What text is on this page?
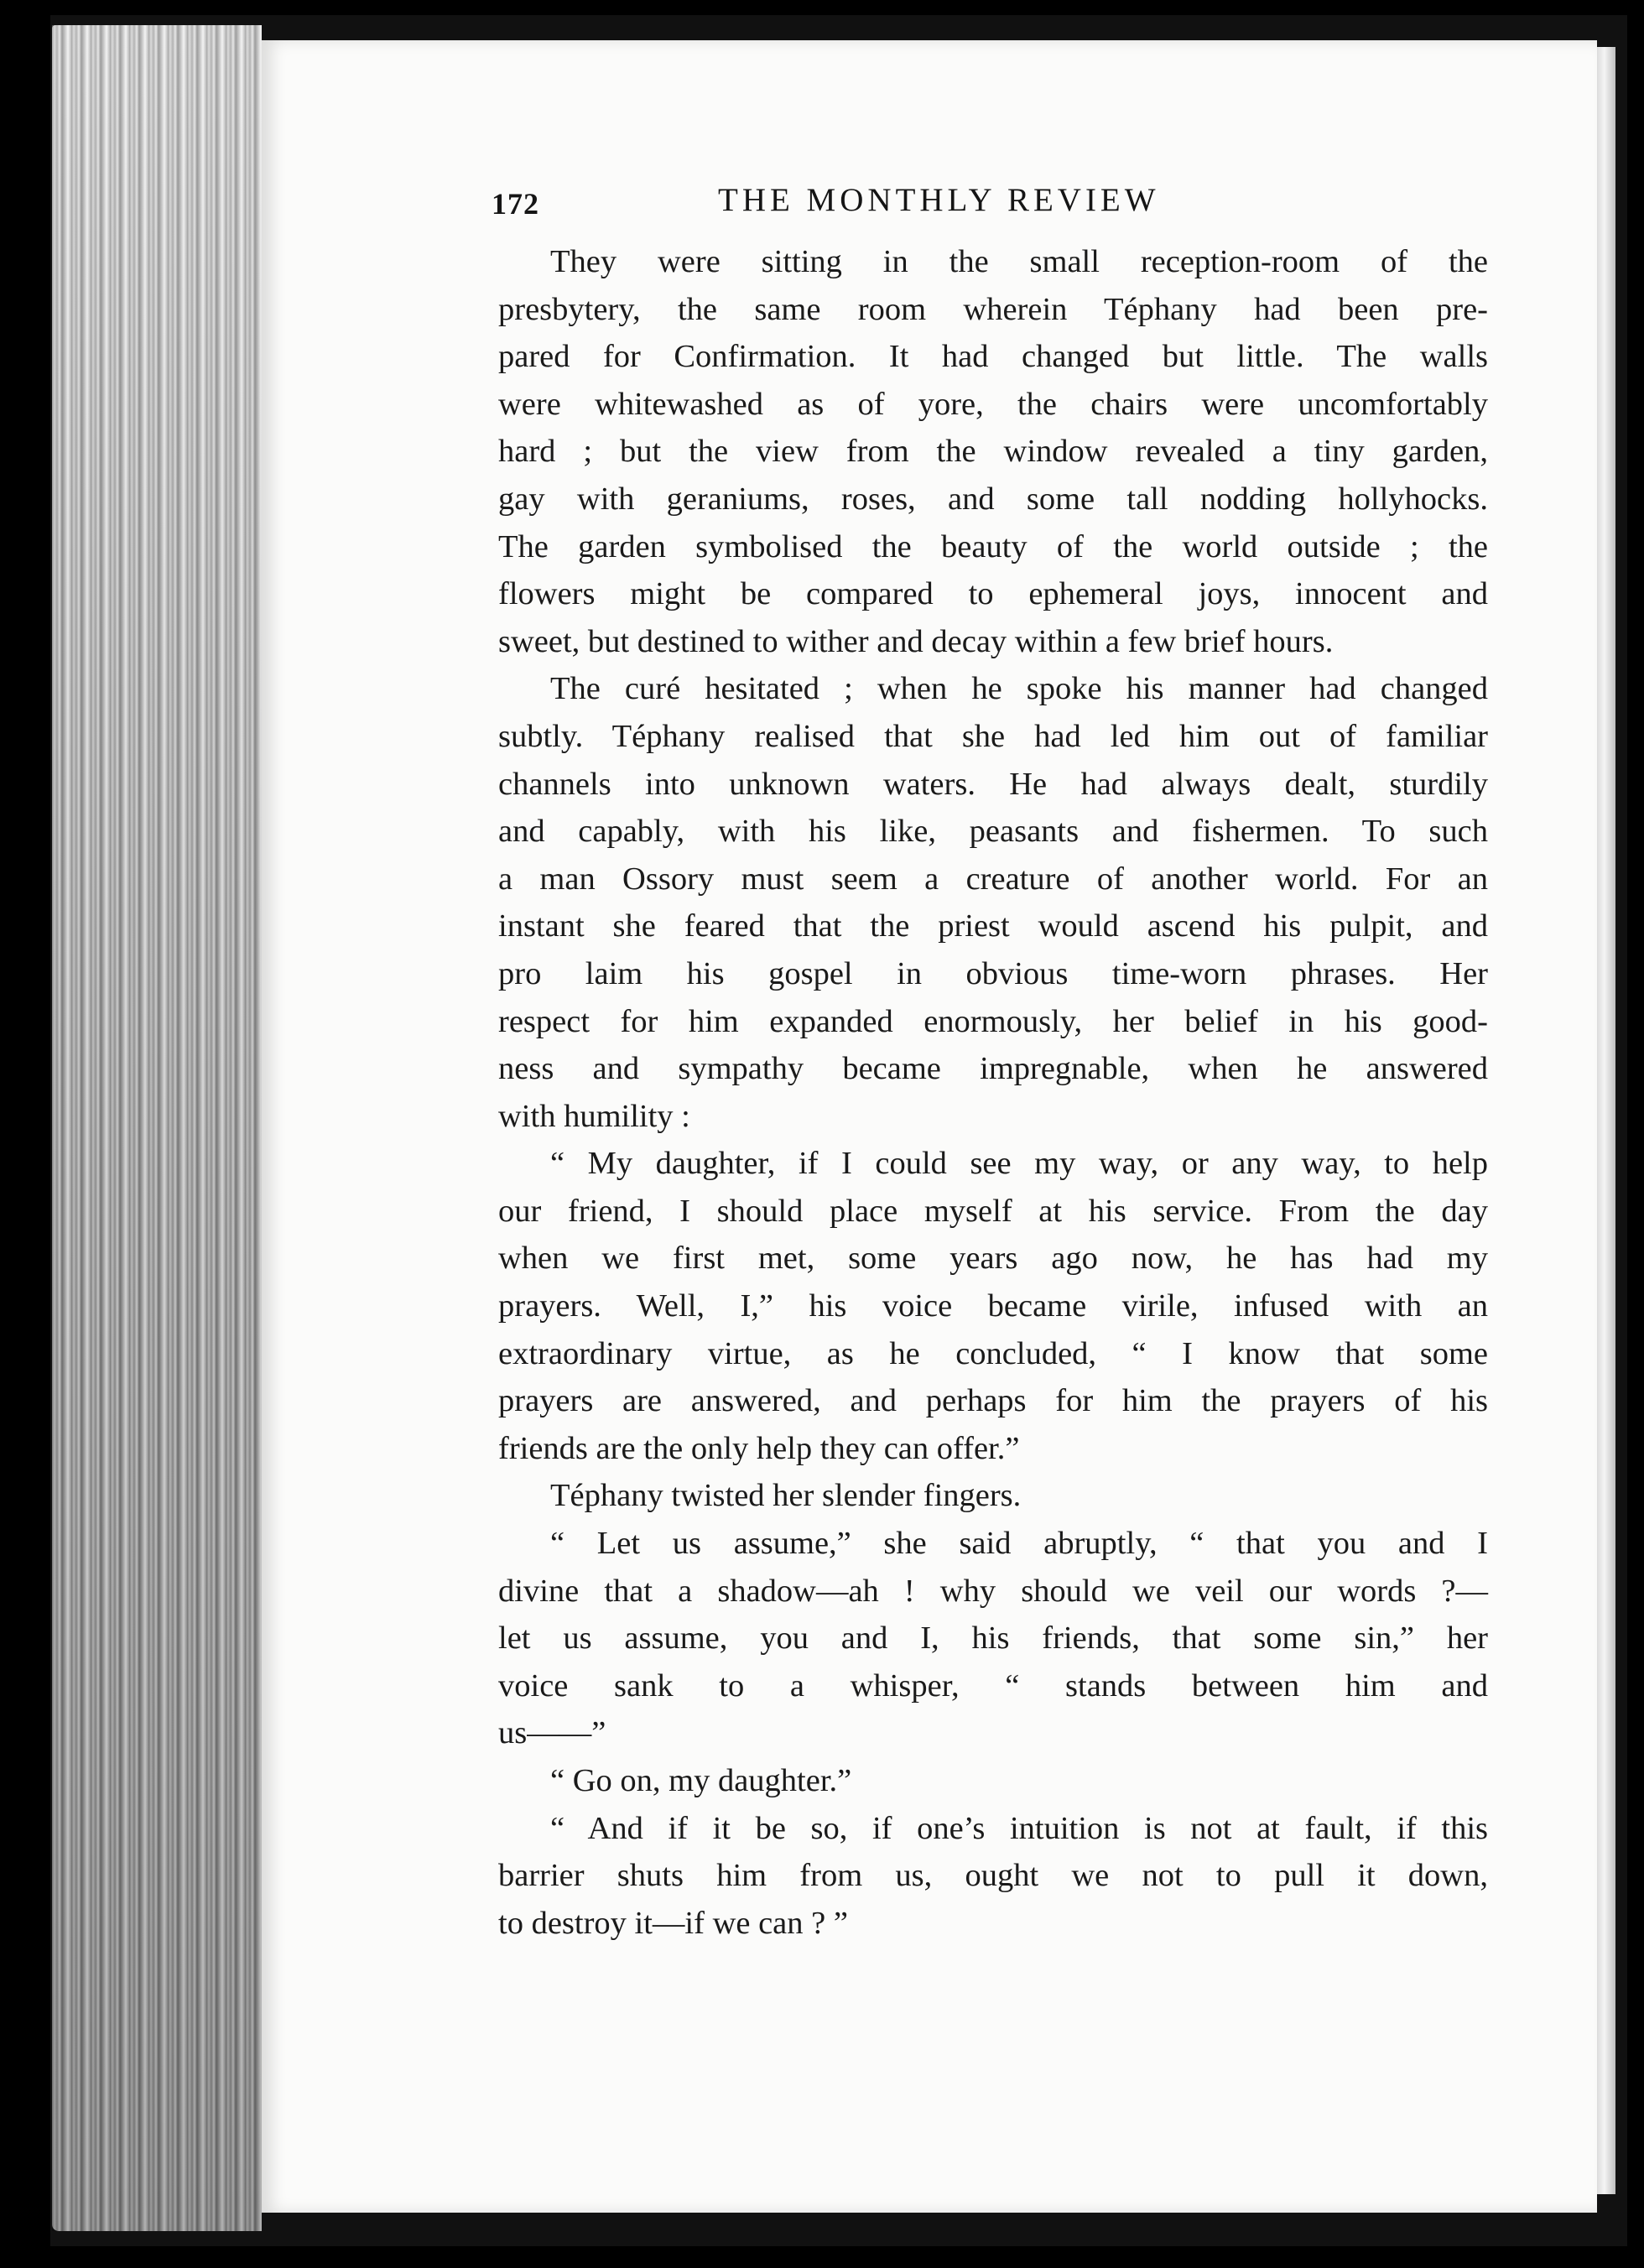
172	THE MONTHLY REVIEW
They were sitting in the small reception-room of the
presbytery, the same room wherein Téphany had been pre-
pared for Confirmation. It had changed but little. The walls
were whitewashed as of yore, the chairs were uncomfortably
hard ; but the view from the window revealed a tiny garden,
gay with geraniums, roses, and some tall nodding hollyhocks.
The garden symbolised the beauty of the world outside ; the
flowers might be compared to ephemeral joys, innocent and
sweet, but destined to wither and decay within a few brief hours.
The curé hesitated ; when he spoke his manner had changed
subtly. Téphany realised that she had led him out of familiar
channels into unknown waters. He had always dealt, sturdily
and capably, with his like, peasants and fishermen. To such
a man Ossory must seem a creature of another world. For an
instant she feared that the priest would ascend his pulpit, and
pro laim his gospel in obvious time-worn phrases. Her
respect for him expanded enormously, her belief in his good-
ness and sympathy became impregnable, when he answered
with humility :
“ My daughter, if I could see my way, or any way, to help
our friend, I should place myself at his service. From the day
when we first met, some years ago now, he has had my
prayers. Well, I,” his voice became virile, infused with an
extraordinary virtue, as he concluded, “ I know that some
prayers are answered, and perhaps for him the prayers of his
friends are the only help they can offer.”
Téphany twisted her slender fingers.
“ Let us assume,” she said abruptly, “ that you and I
divine that a shadow—ah ! why should we veil our words ?—
let us assume, you and I, his friends, that some sin,” her
voice sank to a whisper, “ stands between him and
us——”
“ Go on, my daughter.”
“ And if it be so, if one’s intuition is not at fault, if this
barrier shuts him from us, ought we not to pull it down,
to destroy it—if we can ? ”
